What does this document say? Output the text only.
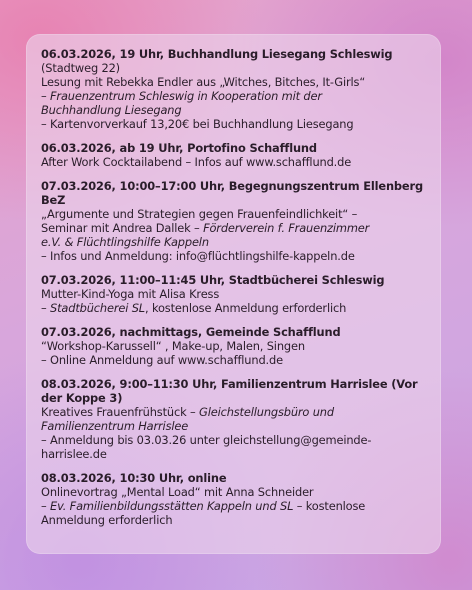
06.03.2026, 19 Uhr, Buchhandlung Liesegang Schleswig
(Stadtweg 22)
Lesung mit Rebekka Endler aus „Witches, Bitches, It-Girls“
– Frauenzentrum Schleswig in Kooperation mit der
Buchhandlung Liesegang
– Kartenvorverkauf 13,20€ bei Buchhandlung Liesegang
06.03.2026, ab 19 Uhr, Portofino Schafflund
After Work Cocktailabend – Infos auf www.schafflund.de
07.03.2026, 10:00–17:00 Uhr, Begegnungszentrum Ellenberg
BeZ
„Argumente und Strategien gegen Frauenfeindlichkeit“ –
Seminar mit Andrea Dallek – Förderverein f. Frauenzimmer
e.V. & Flüchtlingshilfe Kappeln
– Infos und Anmeldung: info@flüchtlingshilfe-kappeln.de
07.03.2026, 11:00–11:45 Uhr, Stadtbücherei Schleswig
Mutter-Kind-Yoga mit Alisa Kress
– Stadtbücherei SL, kostenlose Anmeldung erforderlich
07.03.2026, nachmittags, Gemeinde Schafflund
“Workshop-Karussell“ , Make-up, Malen, Singen
– Online Anmeldung auf www.schafflund.de
08.03.2026, 9:00–11:30 Uhr, Familienzentrum Harrislee (Vor
der Koppe 3)
Kreatives Frauenfrühstück – Gleichstellungsbüro und
Familienzentrum Harrislee
– Anmeldung bis 03.03.26 unter gleichstellung@gemeinde-
harrislee.de
08.03.2026, 10:30 Uhr, online
Onlinevortrag „Mental Load“ mit Anna Schneider
– Ev. Familienbildungsstätten Kappeln und SL – kostenlose
Anmeldung erforderlich
